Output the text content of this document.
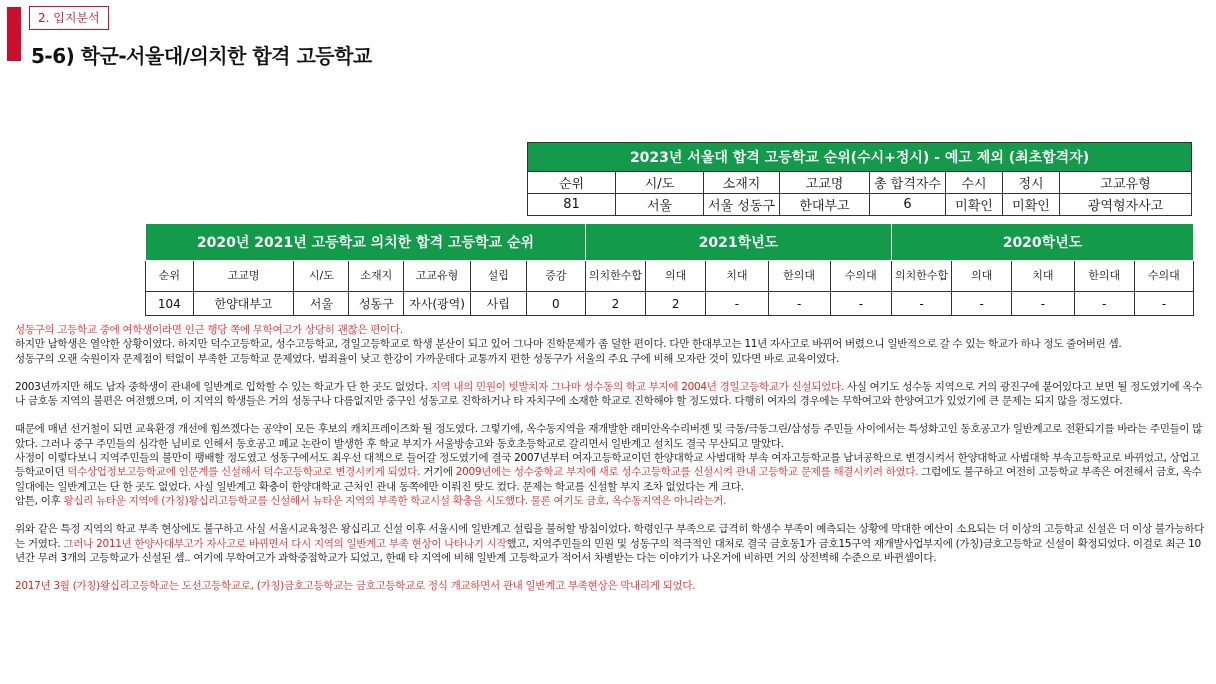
2. 입지분석
5-6) 학군-서울대/의치한 합격 고등학교
2023년 서울대 합격 고등학교 순위(수시+정시) - 예고 제외 (최초합격자)							
순위	시/도	소재지	고교명	총 합격자수	수시	정시	고교유형
81	서울	서울 성동구	한대부고	6	미확인	미확인	광역형자사고
2020년 2021년 고등학교 의치한 합격 고등학교 순위							2021학년도					2020학년도				
순위	고교명	시/도	소재지	고교유형	설립	증감	의치한수합	의대	치대	한의대	수의대	의치한수합	의대	치대	한의대	수의대
104	한양대부고	서울	성동구	자사(광역)	사립	0	2	2	-	-	-	-	-	-	-	-

성동구의 고등학교 중에 여학생이라면 인근 행당 쪽에 무학여고가 상당히 괜찮은 편이다.
하지만 남학생은 열악한 상황이였다. 하지만 덕수고등학교, 성수고등학교, 경일고등학교로 학생 분산이 되고 있어 그나마 진학문제가 좀 덜한 편이다. 다만 한대부고는 11년 자사고로 바뀌어 버렸으니 일반적으로 갈 수 있는 학교가 하나 정도 줄어버린 셈.
성동구의 오랜 숙원이자 문제점이 턱없이 부족한 고등학교 문제였다. 범죄율이 낮고 한강이 가까운데다 교통까지 편한 성동구가 서울의 주요 구에 비해 모자란 것이 있다면 바로 교육이였다.

2003년까지만 해도 남자 중학생이 관내에 일반계로 입학할 수 있는 학교가 단 한 곳도 없었다. 지역 내의 민원이 빗발치자 그나마 성수동의 학교 부지에 2004년 경일고등학교가 신설되었다. 사실 여기도 성수동 지역으로 거의 광진구에 붙어있다고 보면 될 정도였기에 옥수나 금호동 지역의 불편은 여전했으며, 이 지역의 학생들은 거의 성동구나 다름없지만 중구인 성동고로 진학하거나 타 자치구에 소재한 학교로 진학해야 할 정도였다. 다행히 여자의 경우에는 무학여고와 한양여고가 있었기에 큰 문제는 되지 않을 정도였다.

때문에 매년 선거철이 되면 교육환경 개선에 힘쓰겠다는 공약이 모든 후보의 캐치프레이즈화 될 정도였다. 그렇기에, 옥수동지역을 재개발한 래미안옥수리버젠 및 극동/극동그린/삼성등 주민들 사이에서는 특성화고인 동호공고가 일반계고로 전환되기를 바라는 주민들이 많았다. 그러나 중구 주민들의 심각한 님비로 인해서 동호공고 폐교 논란이 발생한 후 학교 부지가 서울방송고와 동호초등학교로 갈리면서 일반계고 설치도 결국 무산되고 말았다.
사정이 이렇다보니 지역주민들의 불만이 팽배할 정도였고 성동구에서도 최우선 대책으로 들어갈 정도였기에 결국 2007년부터 여자고등학교이던 한양대학교 사범대학 부속 여자고등학교를 남녀공학으로 변경시켜서 한양대학교 사범대학 부속고등학교로 바뀌었고, 상업고등학교이던 덕수상업정보고등학교에 인문계를 신설해서 덕수고등학교로 변경시키게 되었다. 거기에 2009년에는 성수중학교 부지에 새로 성수고등학교를 신설시켜 관내 고등학교 문제를 해결시키려 하였다. 그럼에도 불구하고 여전히 고등학교 부족은 여전해서 금호, 옥수 일대에는 일반계고는 단 한 곳도 없었다. 사실 일반계고 확충이 한양대학교 근처인 관내 동쪽에만 이뤄진 탓도 컸다. 문제는 학교를 신설할 부지 조차 없었다는 게 크다.
암튼, 이후 왕십리 뉴타운 지역에 (가칭)왕십리고등학교를 신설해서 뉴타운 지역의 부족한 학교시설 확충을 시도했다. 물론 여기도 금호, 옥수동지역은 아니라는거.

위와 같은 특정 지역의 학교 부족 현상에도 불구하고 사실 서울시교육청은 왕십리고 신설 이후 서울시에 일반계고 설립을 불허할 방침이었다. 학령인구 부족으로 급격히 학생수 부족이 예측되는 상황에 막대한 예산이 소요되는 더 이상의 고등학교 신설은 더 이상 불가능하다는 거였다. 그러나 2011년 한양사대부고가 자사고로 바뀌면서 다시 지역의 일반계고 부족 현상이 나타나기 시작했고, 지역주민들의 민원 및 성동구의 적극적인 대처로 결국 금호동1가 금호15구역 재개발사업부지에 (가칭)금호고등학교 신설이 확정되었다. 이걸로 최근 10년간 무려 3개의 고등학교가 신설된 셈.. 여기에 무학여고가 과학중점학교가 되었고, 한때 타 지역에 비해 일반계 고등학교가 적어서 차별받는 다는 이야기가 나온거에 비하면 거의 상전벽해 수준으로 바뀐셈이다.

2017년 3월 (가칭)왕십리고등학교는 도선고등학교로, (가칭)금호고등학교는 금호고등학교로 정식 개교하면서 관내 일반계고 부족현상은 막내리게 되었다.
